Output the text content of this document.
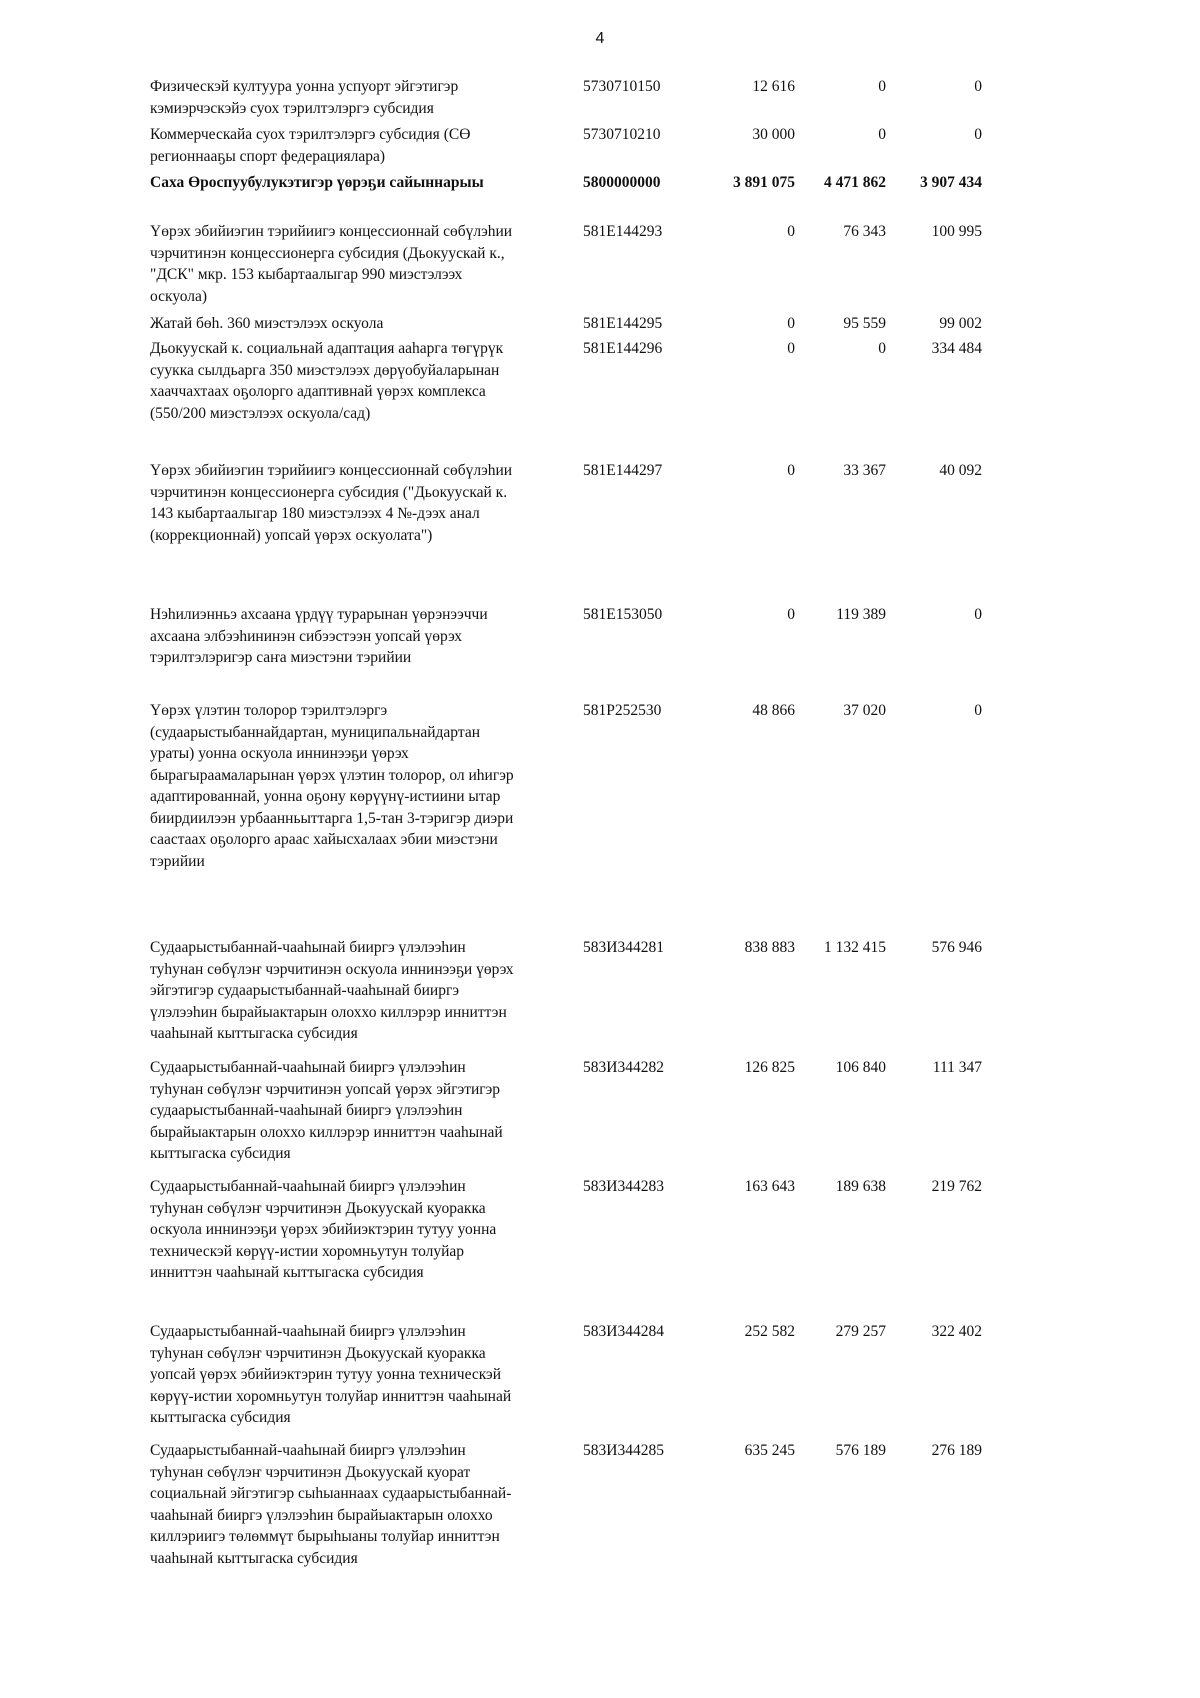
4
Физическэй култуура уонна успуорт эйгэтигэр
кэмиэрчэскэйэ суох тэрилтэлэргэ субсидия
5730710150	12 616	0	0
Коммерческайа суох тэрилтэлэргэ субсидия (СӨ
регионнааҕы спорт федерациялара)
5730710210	30 000	0	0
Саха Өроспуубулукэтигэр үөрэҕи сайыннарыы	5800000000	3 891 075	4 471 862	3 907 434
Үөрэх эбийиэгин тэрийиигэ концессионнай сөбүлэһии
чэрчитинэн концессионерга субсидия (Дьокуускай к.,
"ДСК" мкр. 153 кыбартаалыгар 990 миэстэлээх
оскуола)
581Е144293	0	76 343	100 995
Жатай бөһ. 360 миэстэлээх оскуола	581Е144295	0	95 559	99 002
Дьокуускай к. социальнай адаптация ааһарга төгүрүк
суукка сылдьарга 350 миэстэлээх дөрүобуйаларынан
хааччахтаах оҕолорго адаптивнай үөрэх комплекса
(550/200 миэстэлээх оскуола/сад)
581Е144296	0	0	334 484
Үөрэх эбийиэгин тэрийиигэ концессионнай сөбүлэһии
чэрчитинэн концессионерга субсидия ("Дьокуускай к.
143 кыбартаалыгар 180 миэстэлээх 4 №-дээх анал
(коррекционнай) уопсай үөрэх оскуолата")
581Е144297	0	33 367	40 092
Нэһилиэнньэ ахсаана үрдүү турарынан үөрэнээччи
ахсаана элбээһининэн сибээстээн уопсай үөрэх
тэрилтэлэригэр саҥа миэстэни тэрийии
581Е153050	0	119 389	0
Үөрэх үлэтин толорор тэрилтэлэргэ
(судаарыстыбаннайдартан, муниципальнайдартан
ураты) уонна оскуола иннинээҕи үөрэх
бырагыраамаларынан үөрэх үлэтин толорор, ол иһигэр
адаптированнай, уонна оҕону көрүүнү-истиини ытар
биирдиилээн урбаанньыттарга 1,5-тан 3-тэригэр диэри
саастаах оҕолорго араас хайысхалаах эбии миэстэни
тэрийии
581Р252530	48 866	37 020	0
Судаарыстыбаннай-чааһынай бииргэ үлэлээһин
туһунан сөбүлэҥ чэрчитинэн оскуола иннинээҕи үөрэх
эйгэтигэр судаарыстыбаннай-чааһынай бииргэ
үлэлээһин бырайыактарын олоххо киллэрэр инниттэн
чааһынай кыттыгаска субсидия
583И344281	838 883	1 132 415	576 946
Судаарыстыбаннай-чааһынай бииргэ үлэлээһин
туһунан сөбүлэҥ чэрчитинэн уопсай үөрэх эйгэтигэр
судаарыстыбаннай-чааһынай бииргэ үлэлээһин
бырайыактарын олоххо киллэрэр инниттэн чааһынай
кыттыгаска субсидия
583И344282	126 825	106 840	111 347
Судаарыстыбаннай-чааһынай бииргэ үлэлээһин
туһунан сөбүлэҥ чэрчитинэн Дьокуускай куоракка
оскуола иннинээҕи үөрэх эбийиэктэрин тутуу уонна
техническэй көрүү-истии хоромньутун толуйар
инниттэн чааһынай кыттыгаска субсидия
583И344283	163 643	189 638	219 762
Судаарыстыбаннай-чааһынай бииргэ үлэлээһин
туһунан сөбүлэҥ чэрчитинэн Дьокуускай куоракка
уопсай үөрэх эбийиэктэрин тутуу уонна техническэй
көрүү-истии хоромньутун толуйар инниттэн чааһынай
кыттыгаска субсидия
583И344284	252 582	279 257	322 402
Судаарыстыбаннай-чааһынай бииргэ үлэлээһин
туһунан сөбүлэҥ чэрчитинэн Дьокуускай куорат
социальнай эйгэтигэр сыһыаннаах судаарыстыбаннай-
чааһынай бииргэ үлэлээһин бырайыактарын олоххо
киллэриигэ төлөммүт бырыһыаны толуйар инниттэн
чааһынай кыттыгаска субсидия
583И344285	635 245	576 189	276 189
